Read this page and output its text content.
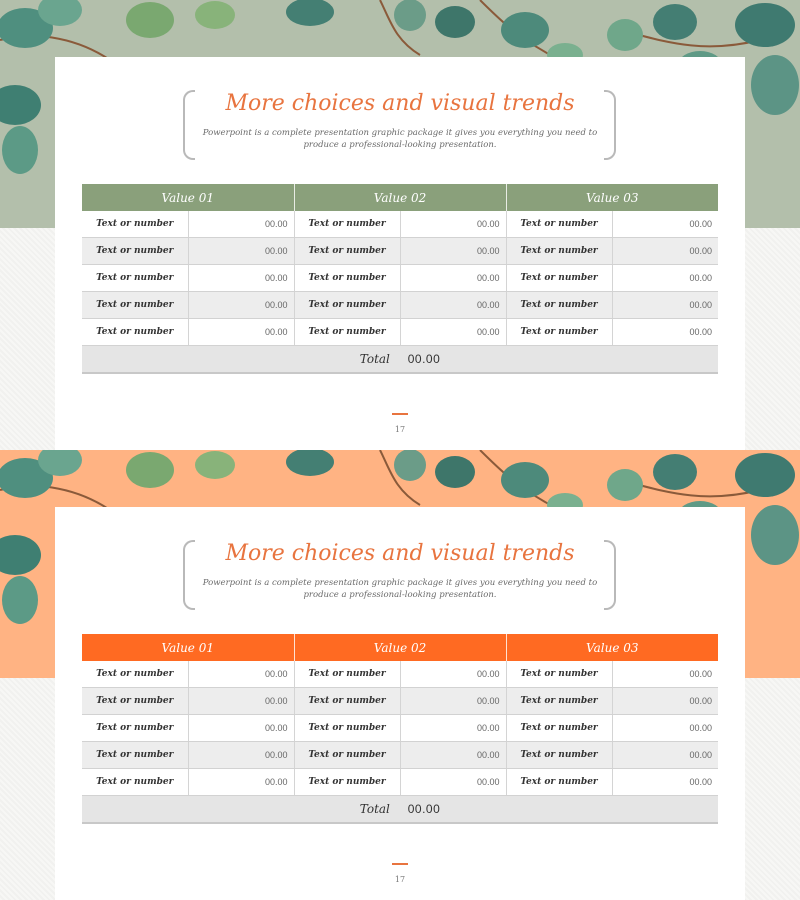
More choices and visual trends
Powerpoint is a complete presentation graphic package it gives you everything you need to produce a professional-looking presentation.
Value 01		Value 02		Value 03	
Text or number	00.00	Text or number	00.00	Text or number	00.00
Text or number	00.00	Text or number	00.00	Text or number	00.00
Text or number	00.00	Text or number	00.00	Text or number	00.00
Text or number	00.00	Text or number	00.00	Text or number	00.00
Text or number	00.00	Text or number	00.00	Text or number	00.00
Total 00.00					
17
More choices and visual trends
Powerpoint is a complete presentation graphic package it gives you everything you need to produce a professional-looking presentation.
Value 01		Value 02		Value 03	
Text or number	00.00	Text or number	00.00	Text or number	00.00
Text or number	00.00	Text or number	00.00	Text or number	00.00
Text or number	00.00	Text or number	00.00	Text or number	00.00
Text or number	00.00	Text or number	00.00	Text or number	00.00
Text or number	00.00	Text or number	00.00	Text or number	00.00
Total 00.00					
17
